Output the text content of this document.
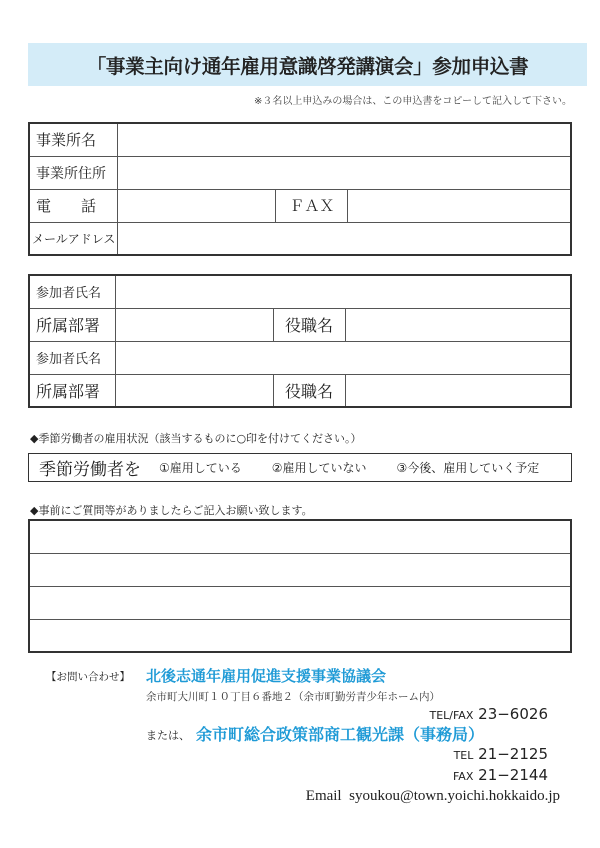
「事業主向け通年雇用意識啓発講演会」参加申込書
※３名以上申込みの場合は、この申込書をコピーして記入して下さい。
事業所名			
事業所住所			
電　　話		ＦＡＸ	
メールアドレス			
参加者氏名			
所属部署		役職名	
参加者氏名			
所属部署		役職名	
◆季節労働者の雇用状況（該当するものに○印を付けてください。）
季節労働者を ①雇用している	②雇用していない	③今後、雇用していく予定
◆事前にご質問等がありましたらご記入お願い致します。

【お問い合わせ】 北後志通年雇用促進支援事業協議会
余市町大川町１０丁目６番地２（余市町勤労青少年ホーム内）
TEL/FAX 23−6026
または、 余市町総合政策部商工観光課（事務局）
TEL 21−2125
FAX 21−2144
Email  syoukou@town.yoichi.hokkaido.jp
